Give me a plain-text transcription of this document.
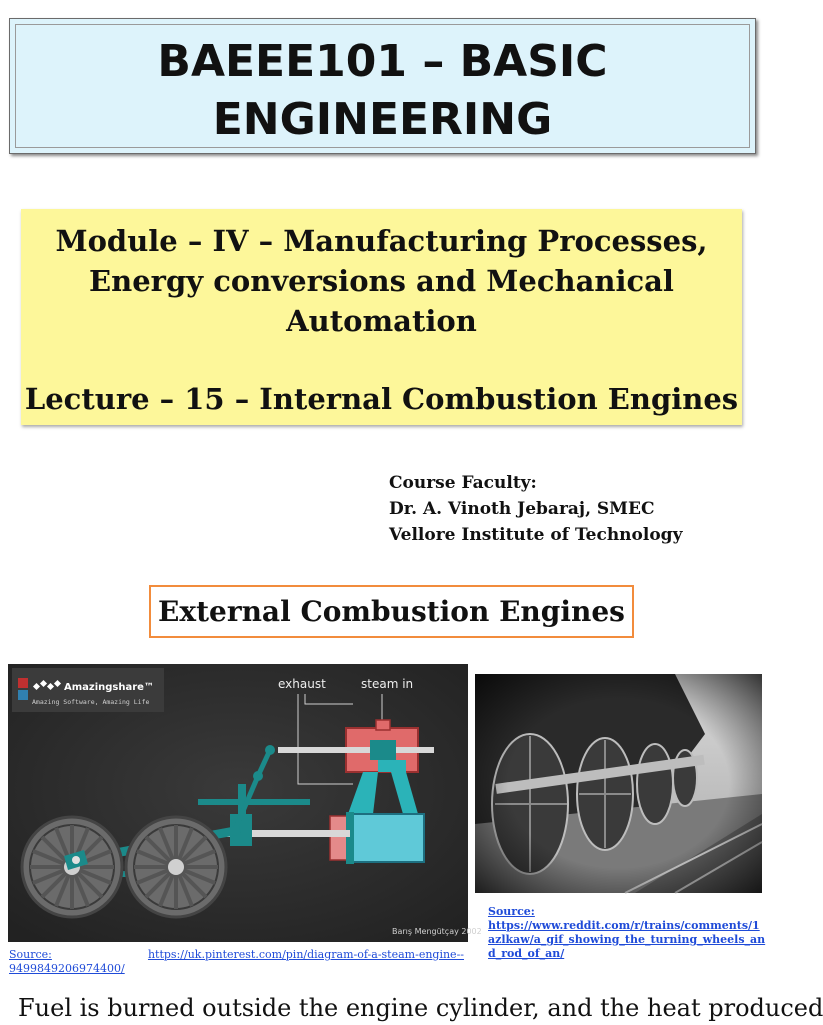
BAEEE101 – BASIC
ENGINEERING
Module – IV – Manufacturing Processes,
Energy conversions and Mechanical
Automation
Lecture – 15 – Internal Combustion Engines
Course Faculty:
Dr. A. Vinoth Jebaraj, SMEC
Vellore Institute of Technology
External Combustion Engines
Amazingshare™
Amazing Software, Amazing Life
exhaust	steam in
Barış Mengütçay 2002
Source:
https://www.reddit.com/r/trains/comments/1
azlkaw/a_gif_showing_the_turning_wheels_an
d_rod_of_an/
Source:	https://uk.pinterest.com/pin/diagram-of-a-steam-engine--
9499849206974400/
Fuel is burned outside the engine cylinder, and the heat produced
